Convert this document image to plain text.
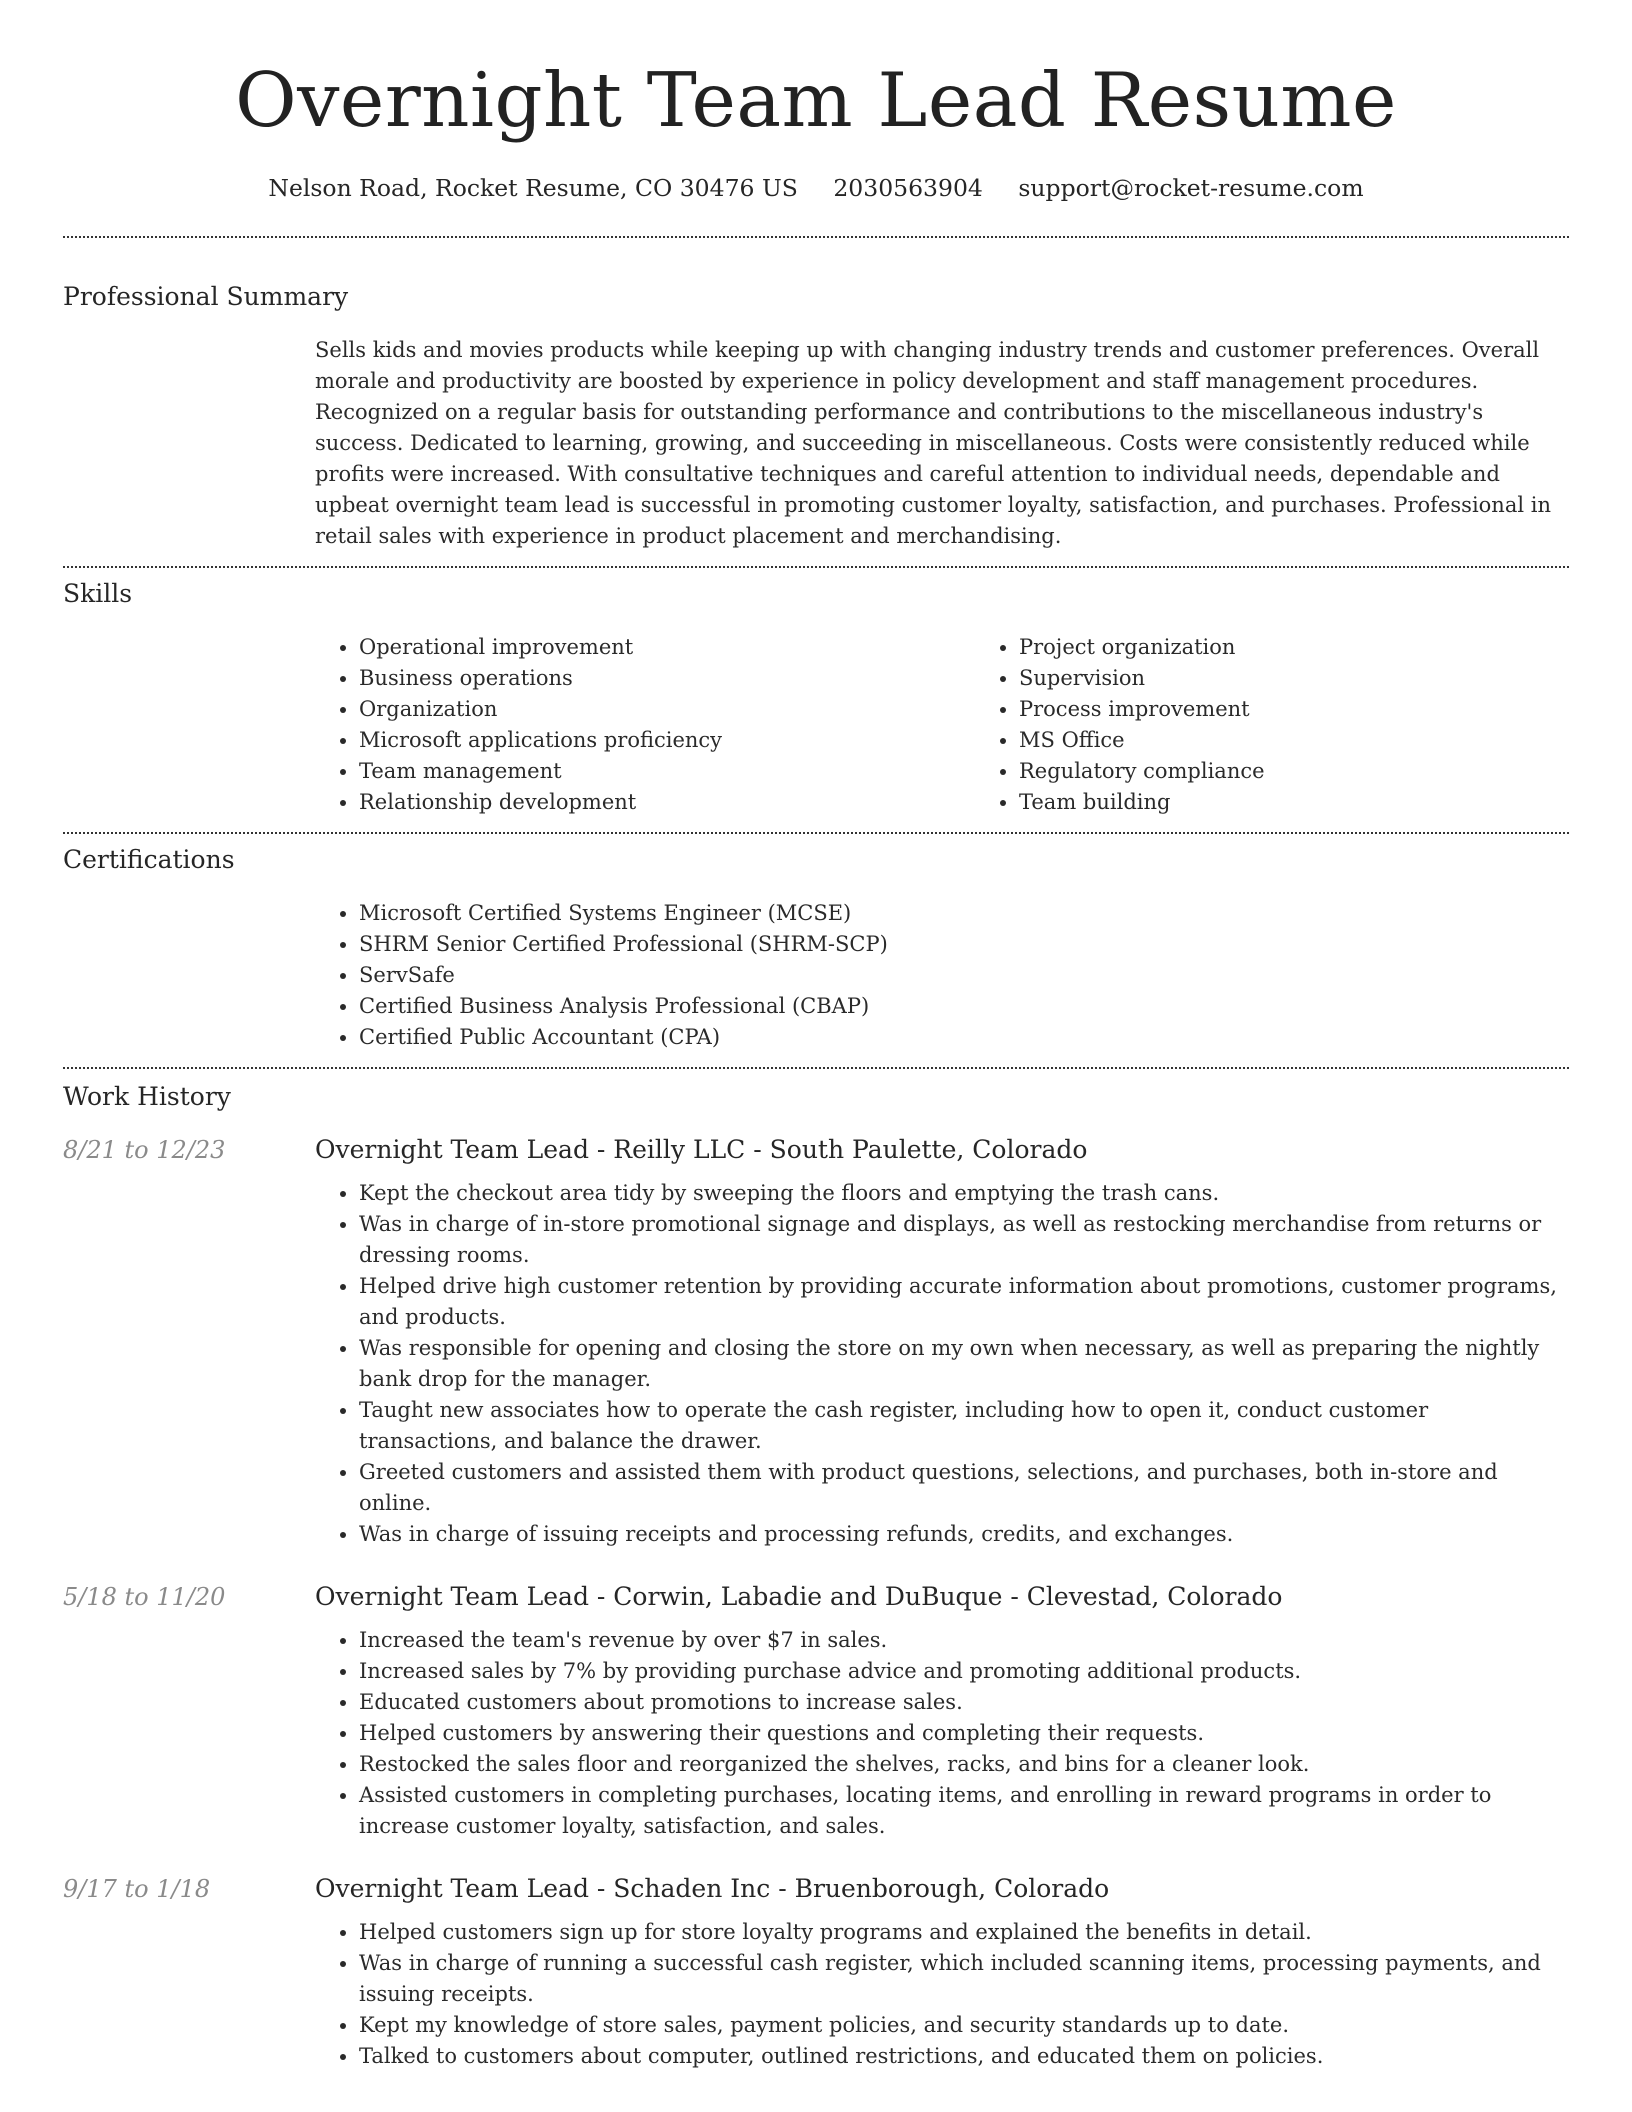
Overnight Team Lead Resume
Nelson Road, Rocket Resume, CO 30476 US 2030563904 support@rocket-resume.com
Professional Summary

Sells kids and movies products while keeping up with changing industry trends and customer preferences. Overall morale and productivity are boosted by experience in policy development and staff management procedures. Recognized on a regular basis for outstanding performance and contributions to the miscellaneous industry's success. Dedicated to learning, growing, and succeeding in miscellaneous. Costs were consistently reduced while profits were increased. With consultative techniques and careful attention to individual needs, dependable and upbeat overnight team lead is successful in promoting customer loyalty, satisfaction, and purchases. Professional in retail sales with experience in product placement and merchandising.

Skills
• Operational improvement
• Business operations
• Organization
• Microsoft applications proficiency
• Team management
• Relationship development
• Project organization
• Supervision
• Process improvement
• MS Office
• Regulatory compliance
• Team building
Certifications
• Microsoft Certified Systems Engineer (MCSE)
• SHRM Senior Certified Professional (SHRM-SCP)
• ServSafe
• Certified Business Analysis Professional (CBAP)
• Certified Public Accountant (CPA)
Work History
8/21 to 12/23	Overnight Team Lead - Reilly LLC - South Paulette, Colorado
• Kept the checkout area tidy by sweeping the floors and emptying the trash cans.
• Was in charge of in-store promotional signage and displays, as well as restocking merchandise from returns or dressing rooms.
• Helped drive high customer retention by providing accurate information about promotions, customer programs, and products.
• Was responsible for opening and closing the store on my own when necessary, as well as preparing the nightly bank drop for the manager.
• Taught new associates how to operate the cash register, including how to open it, conduct customer transactions, and balance the drawer.
• Greeted customers and assisted them with product questions, selections, and purchases, both in-store and online.
• Was in charge of issuing receipts and processing refunds, credits, and exchanges.
5/18 to 11/20	Overnight Team Lead - Corwin, Labadie and DuBuque - Clevestad, Colorado
• Increased the team's revenue by over $7 in sales.
• Increased sales by 7% by providing purchase advice and promoting additional products.
• Educated customers about promotions to increase sales.
• Helped customers by answering their questions and completing their requests.
• Restocked the sales floor and reorganized the shelves, racks, and bins for a cleaner look.
• Assisted customers in completing purchases, locating items, and enrolling in reward programs in order to increase customer loyalty, satisfaction, and sales.
9/17 to 1/18	Overnight Team Lead - Schaden Inc - Bruenborough, Colorado
• Helped customers sign up for store loyalty programs and explained the benefits in detail.
• Was in charge of running a successful cash register, which included scanning items, processing payments, and issuing receipts.
• Kept my knowledge of store sales, payment policies, and security standards up to date.
• Talked to customers about computer, outlined restrictions, and educated them on policies.
